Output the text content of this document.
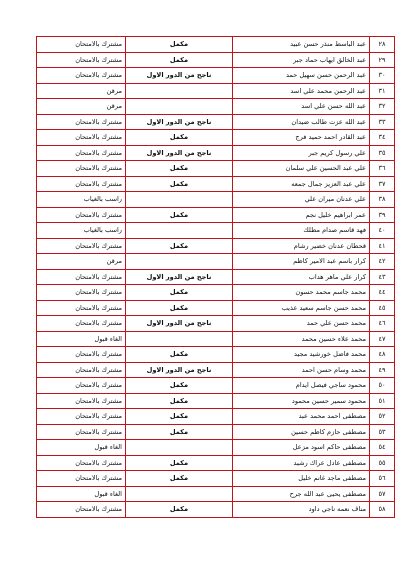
٢٨	عبد الباسط منذر حسن عبيد	مكمل	مشترك بالامتحان
٢٩	عبد الخالق ايهاب حماد جبر	مكمل	مشترك بالامتحان
٣٠	عبد الرحمن حسن سهيل حمد	ناجح من الدور الاول	مشترك بالامتحان
٣١	عبد الرحمن محمد علي اسد		مرقن
٣٢	عبد الله حسن علي اسد		مرقن
٣٣	عبد الله عزت طالب ضيدان	ناجح من الدور الاول	مشترك بالامتحان
٣٤	عبد القادر احمد حميد فرج	مكمل	مشترك بالامتحان
٣٥	علي رسول كريم جبر	ناجح من الدور الاول	مشترك بالامتحان
٣٦	علي عبد الحسين علي سلمان	مكمل	مشترك بالامتحان
٣٧	علي عبد العزيز جمال جمعه	مكمل	مشترك بالامتحان
٣٨	علي عدنان ميران علي		راسب بالغياب
٣٩	عمر ابراهيم خليل نجم	مكمل	مشترك بالامتحان
٤٠	فهد قاسم صدام مطلك		راسب بالغياب
٤١	قحطان عدنان خضير رشام	مكمل	مشترك بالامتحان
٤٢	كرار باسم عبد الامير كاظم		مرقن
٤٣	كرار علي ماهر هداب	ناجح من الدور الاول	مشترك بالامتحان
٤٤	محمد جاسم محمد حسون	مكمل	مشترك بالامتحان
٤٥	محمد حسن جاسم سعيد عذيب	مكمل	مشترك بالامتحان
٤٦	محمد حسن علي حمد	ناجح من الدور الاول	مشترك بالامتحان
٤٧	محمد علاء حسين محمد		الغاء قبول
٤٨	محمد فاضل خورشيد مجيد	مكمل	مشترك بالامتحان
٤٩	محمد وسام حسن احمد	ناجح من الدور الاول	مشترك بالامتحان
٥٠	محمود ساجي فيصل ايدام	مكمل	مشترك بالامتحان
٥١	محمود سمير حسين محمود	مكمل	مشترك بالامتحان
٥٢	مصطفى احمد محمد عبد	مكمل	مشترك بالامتحان
٥٣	مصطفى حازم كاظم حسين	مكمل	مشترك بالامتحان
٥٤	مصطفى حاكم اسود مزعل		الغاء قبول
٥٥	مصطفى عادل عراك رشيد	مكمل	مشترك بالامتحان
٥٦	مصطفى ماجد غانم خليل	مكمل	مشترك بالامتحان
٥٧	مصطفى يحيى عبد الله جرح		الغاء قبول
٥٨	مناف نعمه ناجي داود	مكمل	مشترك بالامتحان
